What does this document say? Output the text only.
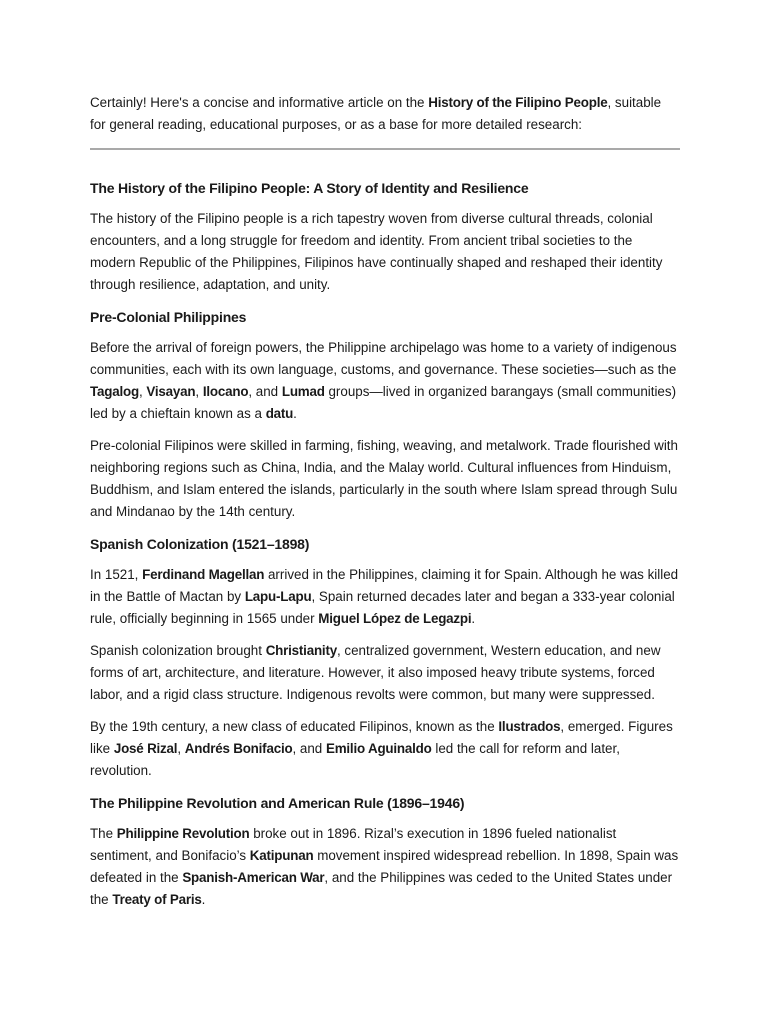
Certainly! Here's a concise and informative article on the History of the Filipino People, suitable for general reading, educational purposes, or as a base for more detailed research:

The History of the Filipino People: A Story of Identity and Resilience

The history of the Filipino people is a rich tapestry woven from diverse cultural threads, colonial encounters, and a long struggle for freedom and identity. From ancient tribal societies to the modern Republic of the Philippines, Filipinos have continually shaped and reshaped their identity through resilience, adaptation, and unity.

Pre-Colonial Philippines

Before the arrival of foreign powers, the Philippine archipelago was home to a variety of indigenous communities, each with its own language, customs, and governance. These societies—such as the Tagalog, Visayan, Ilocano, and Lumad groups—lived in organized barangays (small communities) led by a chieftain known as a datu.

Pre-colonial Filipinos were skilled in farming, fishing, weaving, and metalwork. Trade flourished with neighboring regions such as China, India, and the Malay world. Cultural influences from Hinduism, Buddhism, and Islam entered the islands, particularly in the south where Islam spread through Sulu and Mindanao by the 14th century.

Spanish Colonization (1521–1898)

In 1521, Ferdinand Magellan arrived in the Philippines, claiming it for Spain. Although he was killed in the Battle of Mactan by Lapu-Lapu, Spain returned decades later and began a 333-year colonial rule, officially beginning in 1565 under Miguel López de Legazpi.

Spanish colonization brought Christianity, centralized government, Western education, and new forms of art, architecture, and literature. However, it also imposed heavy tribute systems, forced labor, and a rigid class structure. Indigenous revolts were common, but many were suppressed.

By the 19th century, a new class of educated Filipinos, known as the Ilustrados, emerged. Figures like José Rizal, Andrés Bonifacio, and Emilio Aguinaldo led the call for reform and later, revolution.

The Philippine Revolution and American Rule (1896–1946)

The Philippine Revolution broke out in 1896. Rizal’s execution in 1896 fueled nationalist sentiment, and Bonifacio’s Katipunan movement inspired widespread rebellion. In 1898, Spain was defeated in the Spanish-American War, and the Philippines was ceded to the United States under the Treaty of Paris.
